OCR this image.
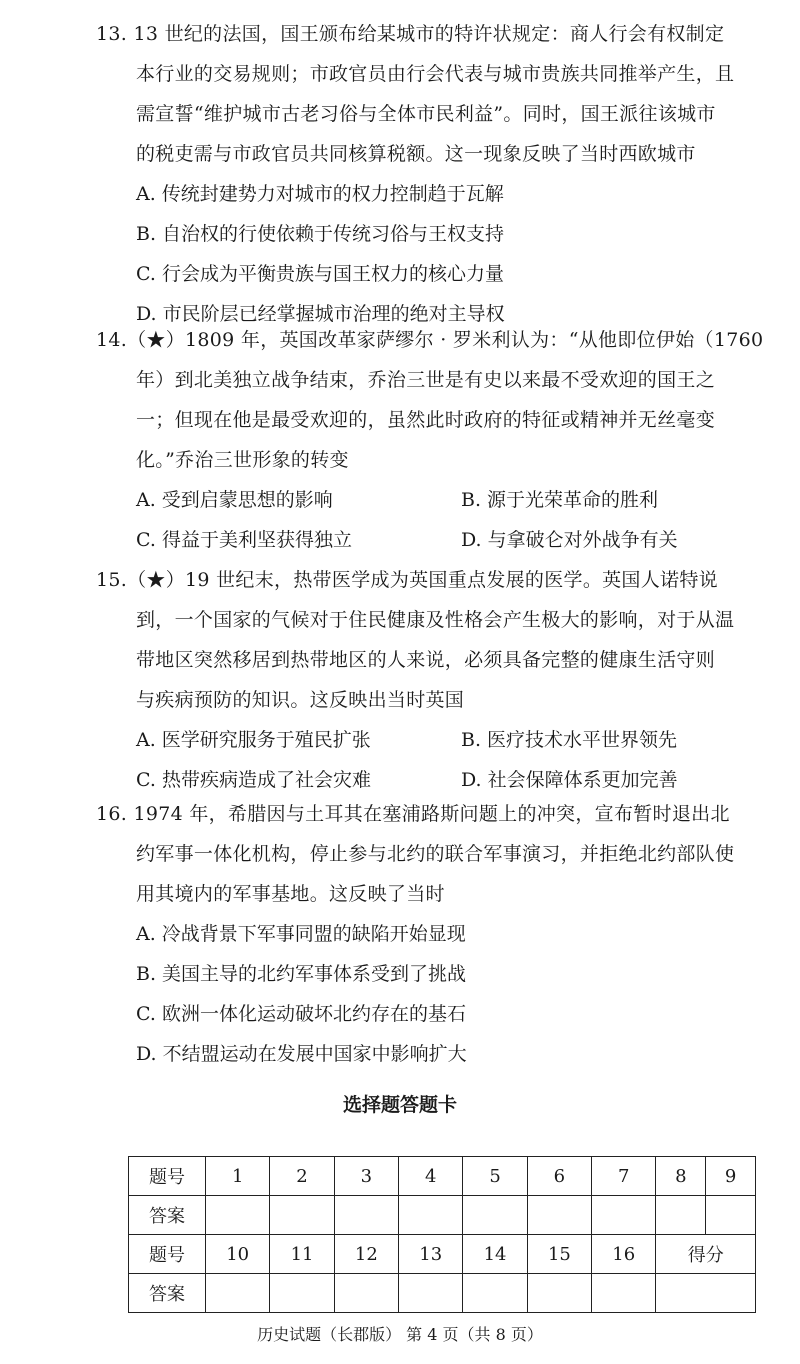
13. 13 世纪的法国，国王颁布给某城市的特许状规定：商人行会有权制定
本行业的交易规则；市政官员由行会代表与城市贵族共同推举产生，且
需宣誓“维护城市古老习俗与全体市民利益”。同时，国王派往该城市
的税吏需与市政官员共同核算税额。这一现象反映了当时西欧城市
A. 传统封建势力对城市的权力控制趋于瓦解
B. 自治权的行使依赖于传统习俗与王权支持
C. 行会成为平衡贵族与国王权力的核心力量
D. 市民阶层已经掌握城市治理的绝对主导权
14.（★）1809 年，英国改革家萨缪尔 · 罗米利认为：“从他即位伊始（1760
年）到北美独立战争结束，乔治三世是有史以来最不受欢迎的国王之
一；但现在他是最受欢迎的，虽然此时政府的特征或精神并无丝毫变
化。”乔治三世形象的转变
A. 受到启蒙思想的影响	B. 源于光荣革命的胜利
C. 得益于美利坚获得独立	D. 与拿破仑对外战争有关
15.（★）19 世纪末，热带医学成为英国重点发展的医学。英国人诺特说
到，一个国家的气候对于住民健康及性格会产生极大的影响，对于从温
带地区突然移居到热带地区的人来说，必须具备完整的健康生活守则
与疾病预防的知识。这反映出当时英国
A. 医学研究服务于殖民扩张	B. 医疗技术水平世界领先
C. 热带疾病造成了社会灾难	D. 社会保障体系更加完善
16. 1974 年，希腊因与土耳其在塞浦路斯问题上的冲突，宣布暂时退出北
约军事一体化机构，停止参与北约的联合军事演习，并拒绝北约部队使
用其境内的军事基地。这反映了当时
A. 冷战背景下军事同盟的缺陷开始显现
B. 美国主导的北约军事体系受到了挑战
C. 欧洲一体化运动破坏北约存在的基石
D. 不结盟运动在发展中国家中影响扩大
选择题答题卡
题号	1	2	3	4	5	6	7	8	9
答案									
题号	10	11	12	13	14	15	16	得分	
答案									
历史试题（长郡版） 第 4 页（共 8 页）
